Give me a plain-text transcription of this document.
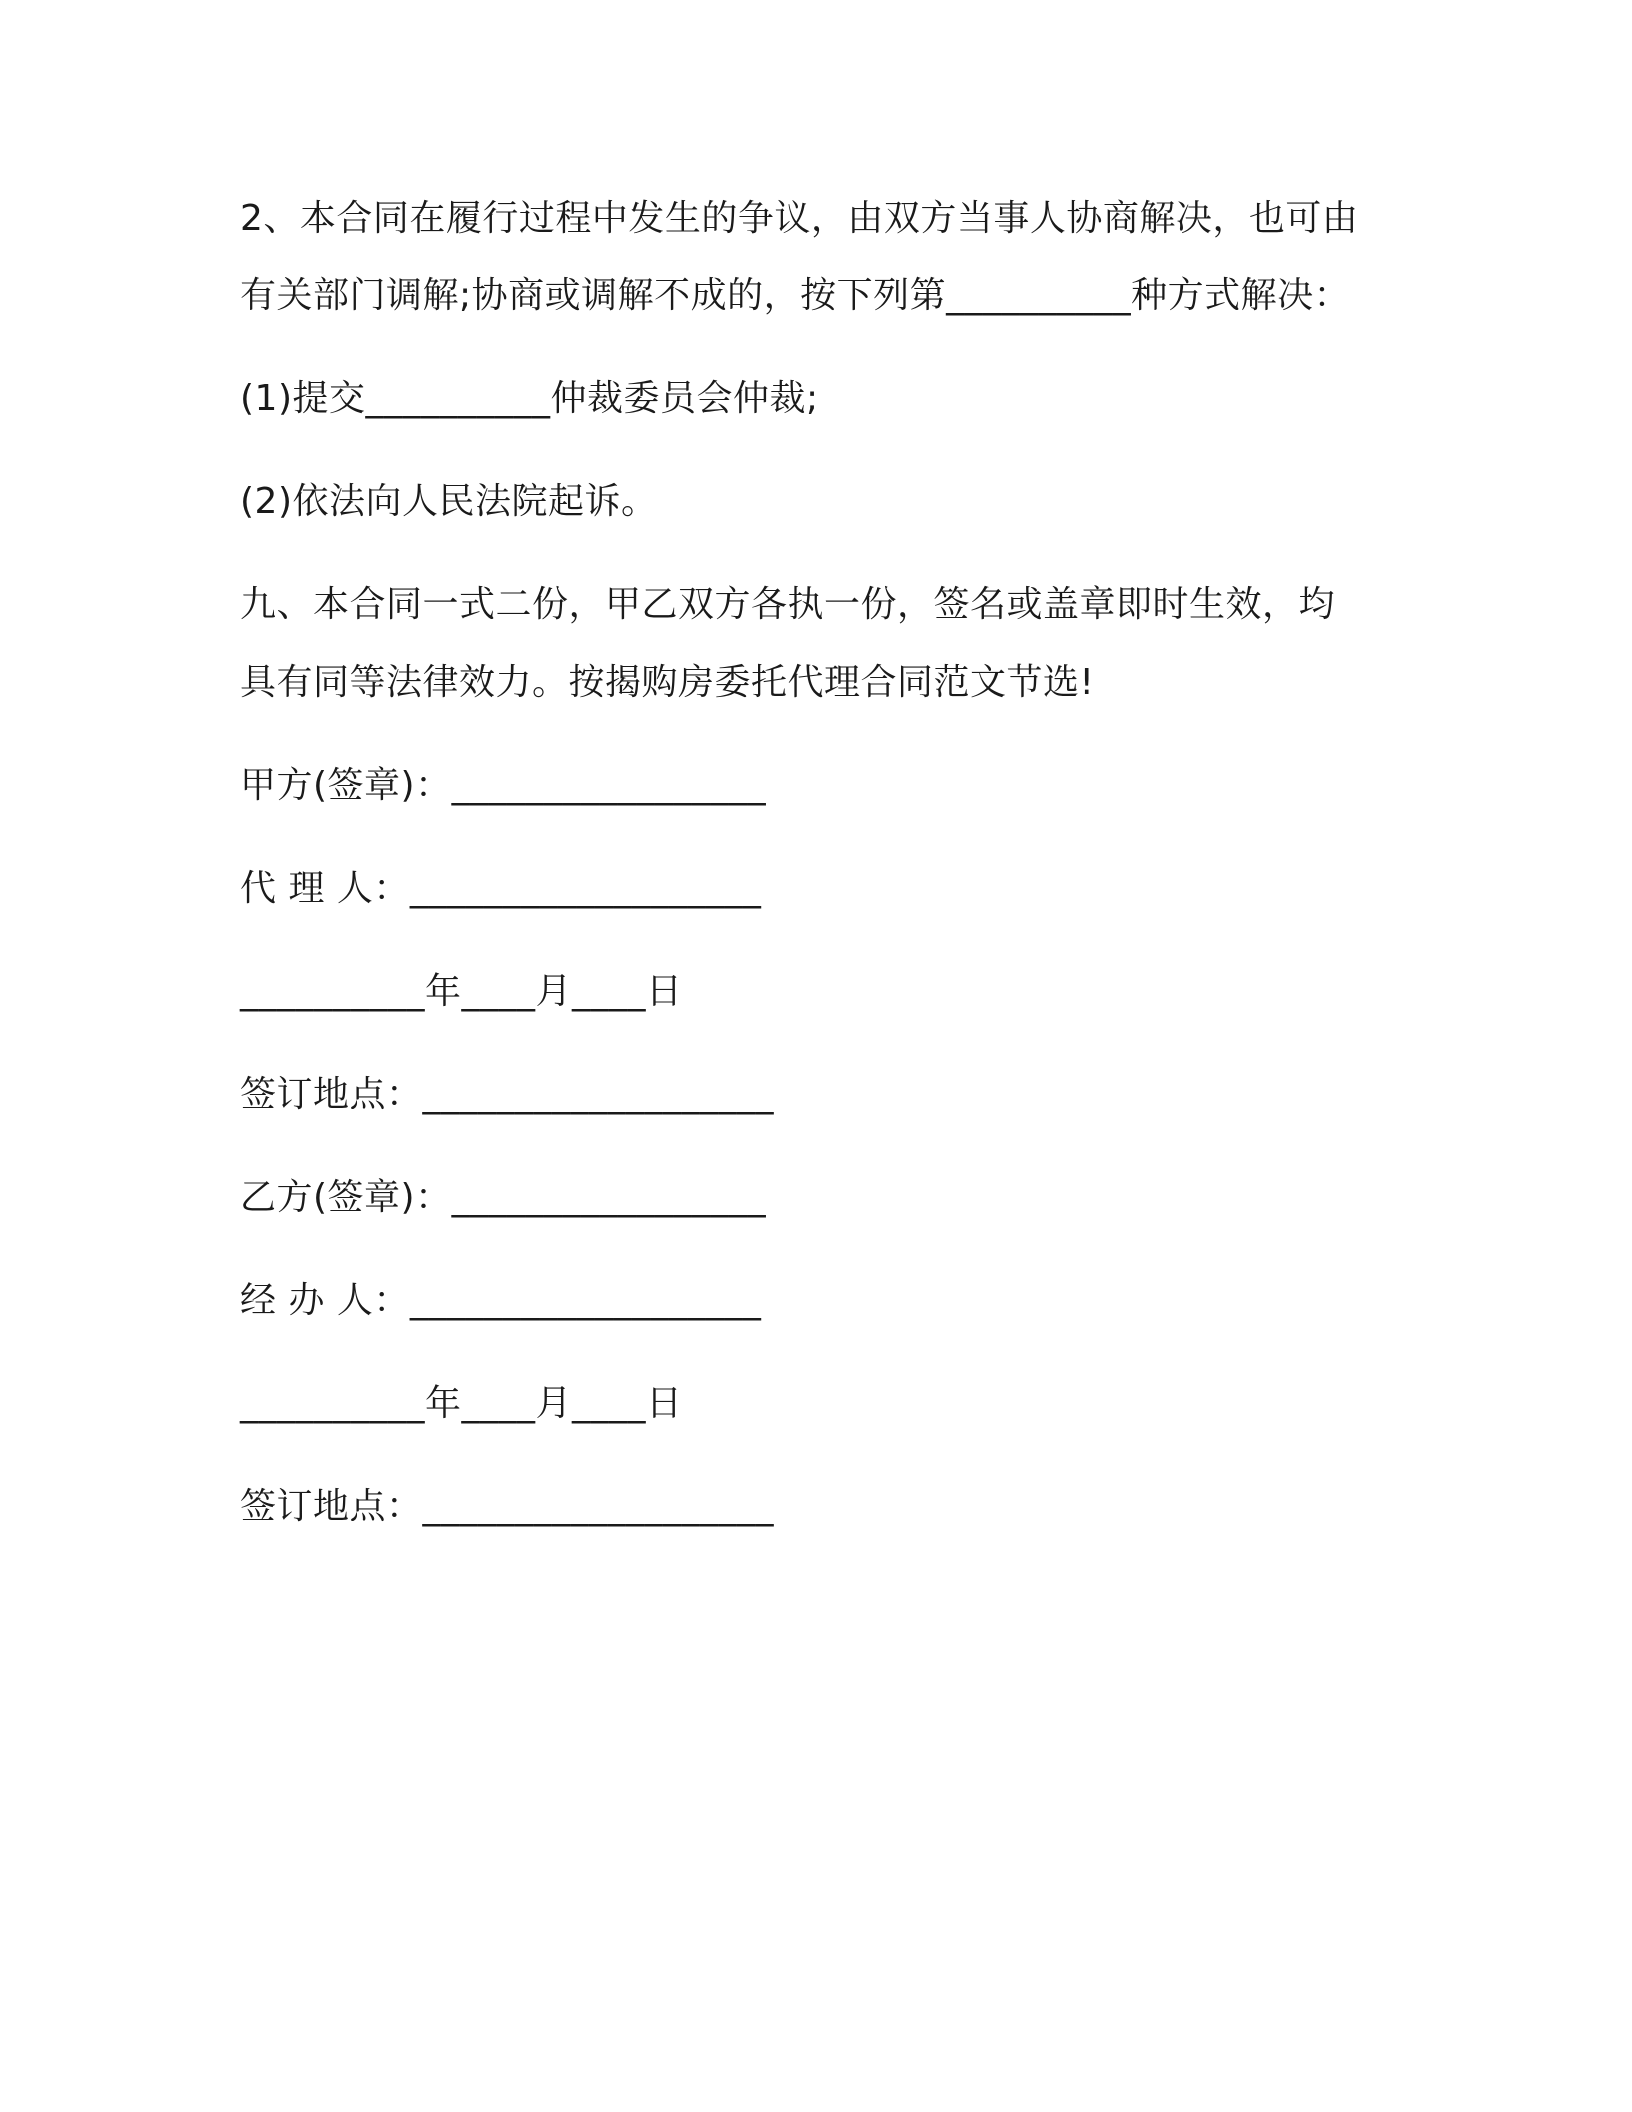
2、本合同在履行过程中发生的争议，由双方当事人协商解决，也可由
有关部门调解;协商或调解不成的，按下列第__________种方式解决：
(1)提交__________仲裁委员会仲裁;
(2)依法向人民法院起诉。
九、本合同一式二份，甲乙双方各执一份，签名或盖章即时生效，均
具有同等法律效力。按揭购房委托代理合同范文节选!
甲方(签章)：_________________
代 理 人：___________________
__________年____月____日
签订地点：___________________
乙方(签章)：_________________
经 办 人：___________________
__________年____月____日
签订地点：___________________
